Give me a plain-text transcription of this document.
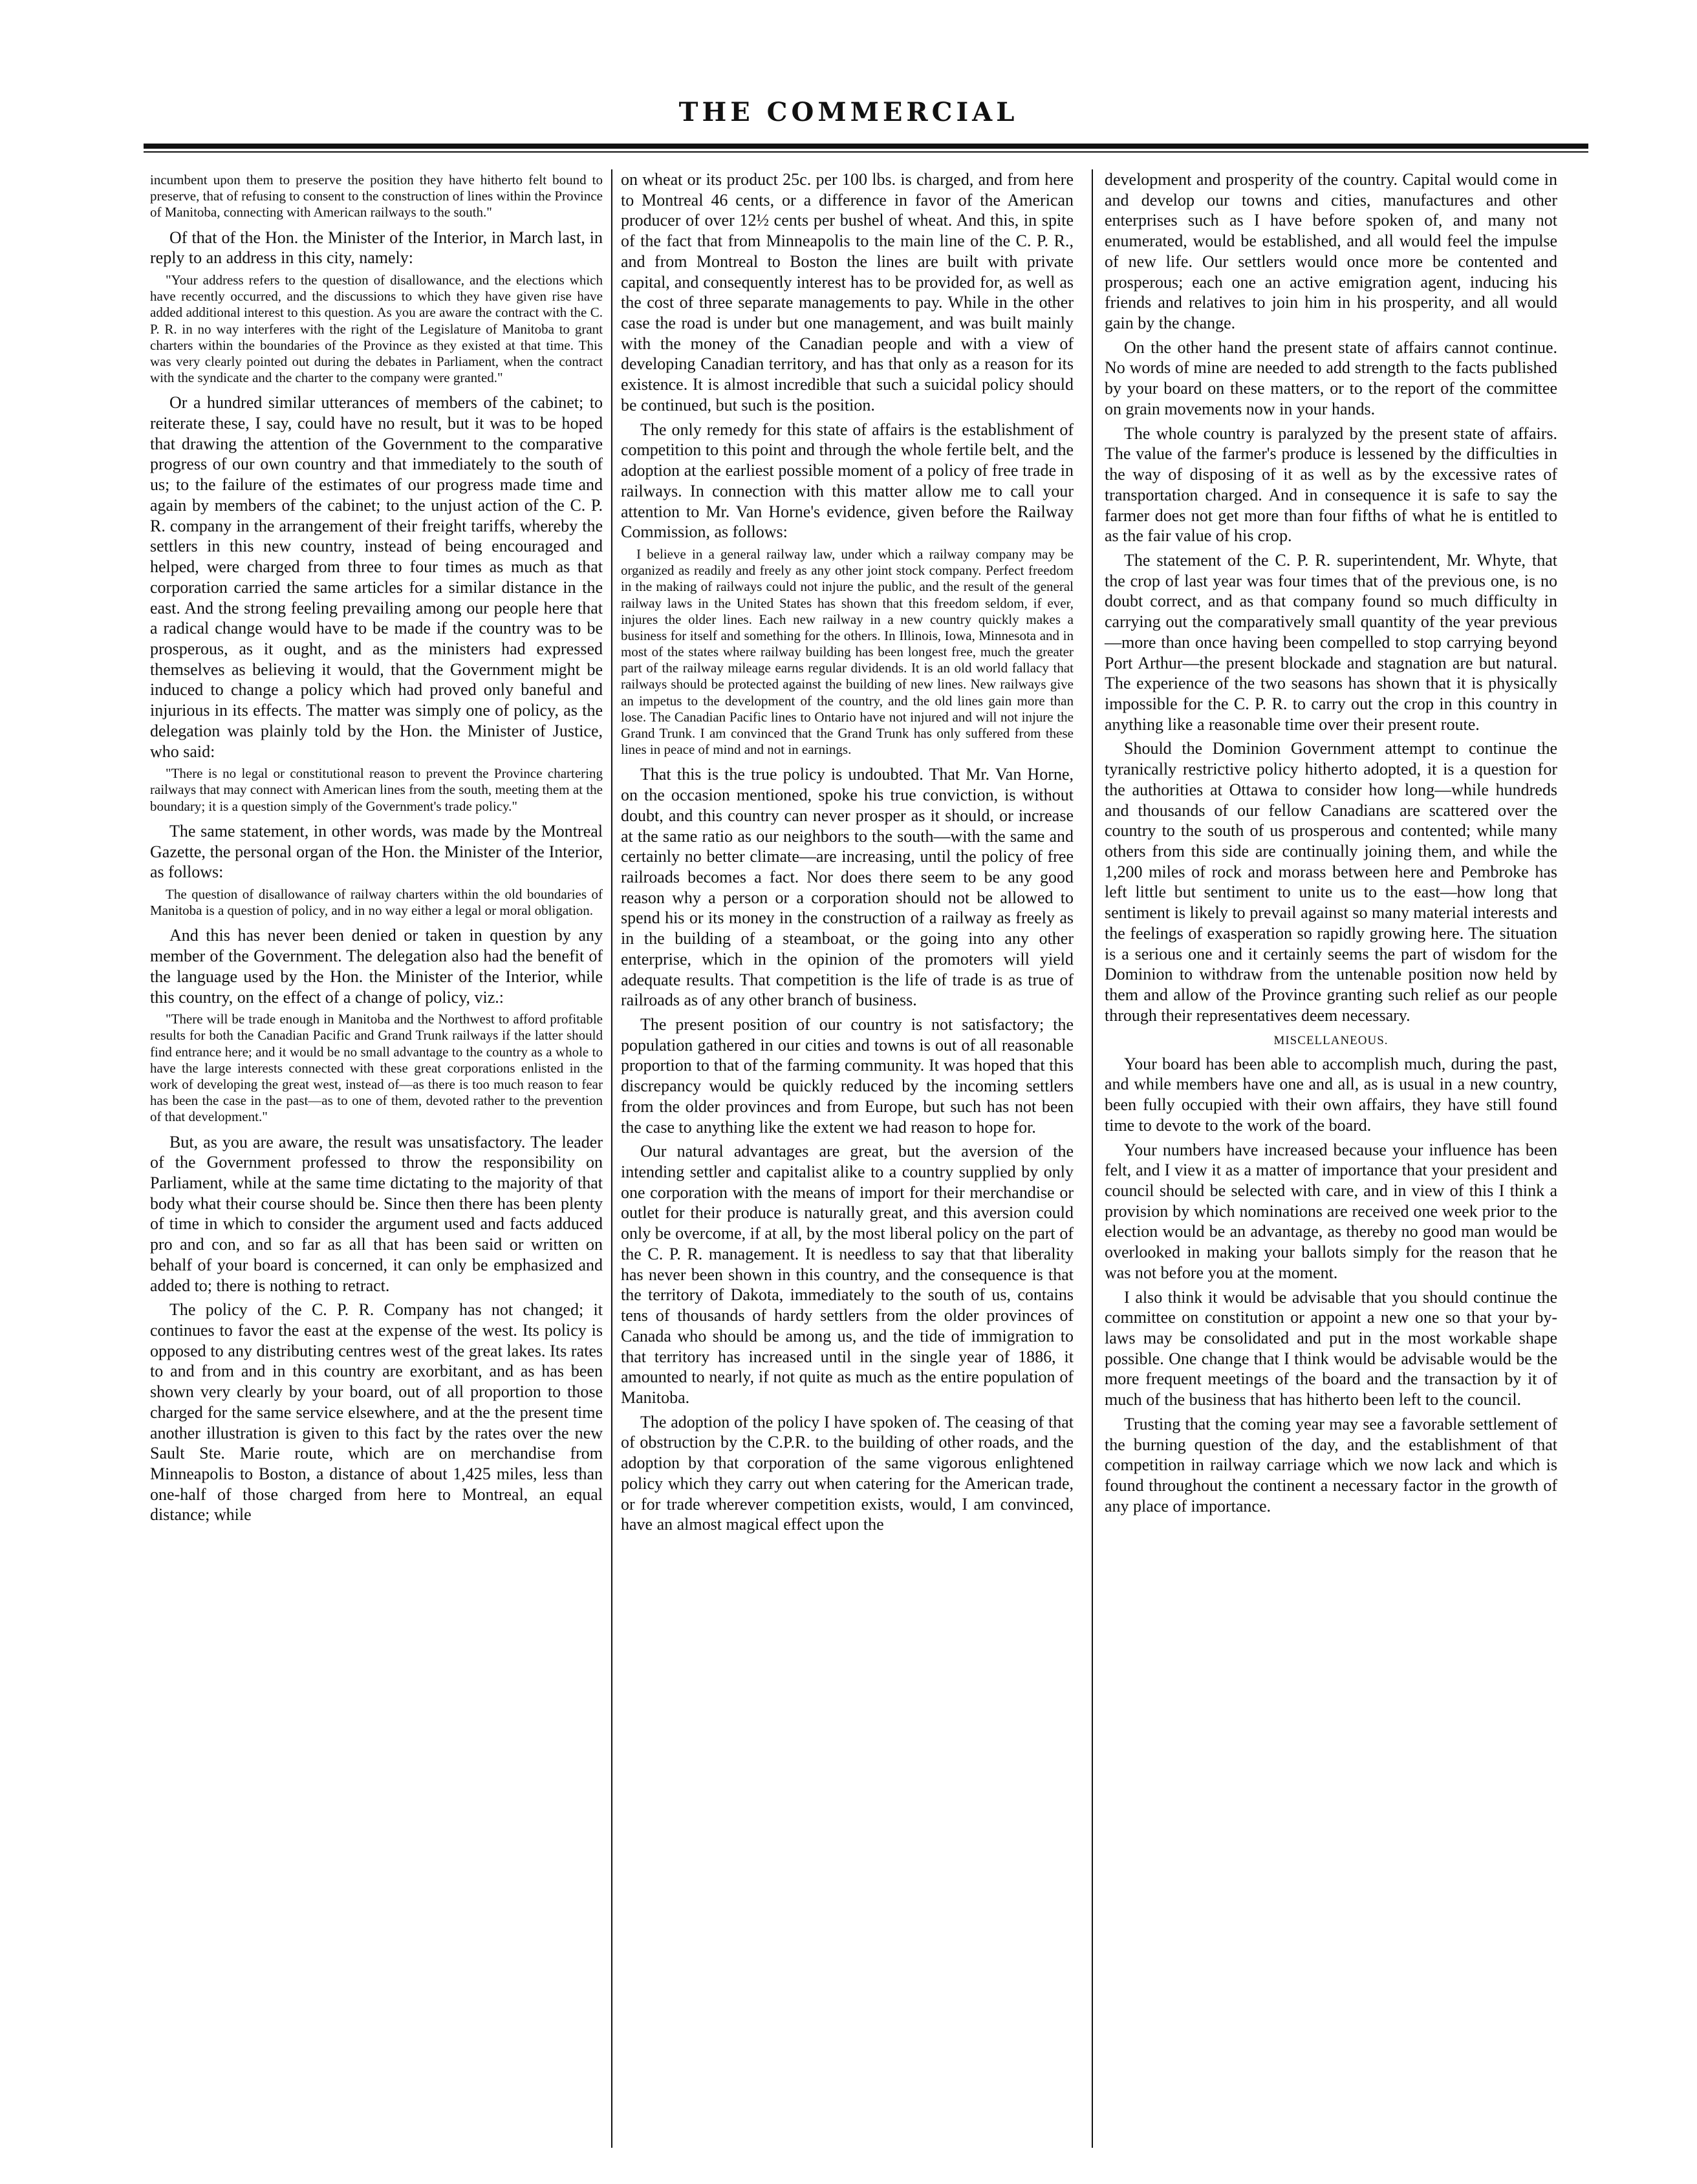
THE COMMERCIAL

incumbent upon them to preserve the position they have hitherto felt bound to preserve, that of refusing to consent to the construction of lines within the Province of Manitoba, connecting with American railways to the south."

Of that of the Hon. the Minister of the Interior, in March last, in reply to an address in this city, namely:

"Your address refers to the question of disallowance, and the elections which have recently occurred, and the discussions to which they have given rise have added additional interest to this question. As you are aware the contract with the C. P. R. in no way interferes with the right of the Legislature of Manitoba to grant charters within the boundaries of the Province as they existed at that time. This was very clearly pointed out during the debates in Parliament, when the contract with the syndicate and the charter to the company were granted."

Or a hundred similar utterances of members of the cabinet; to reiterate these, I say, could have no result, but it was to be hoped that drawing the attention of the Government to the comparative progress of our own country and that immediately to the south of us; to the failure of the estimates of our progress made time and again by members of the cabinet; to the unjust action of the C. P. R. company in the arrangement of their freight tariffs, whereby the settlers in this new country, instead of being encouraged and helped, were charged from three to four times as much as that corporation carried the same articles for a similar distance in the east. And the strong feeling prevailing among our people here that a radical change would have to be made if the country was to be prosperous, as it ought, and as the ministers had expressed themselves as believing it would, that the Government might be induced to change a policy which had proved only baneful and injurious in its effects. The matter was simply one of policy, as the delegation was plainly told by the Hon. the Minister of Justice, who said:

"There is no legal or constitutional reason to prevent the Province chartering railways that may connect with American lines from the south, meeting them at the boundary; it is a question simply of the Government's trade policy."

The same statement, in other words, was made by the Montreal Gazette, the personal organ of the Hon. the Minister of the Interior, as follows:

The question of disallowance of railway charters within the old boundaries of Manitoba is a question of policy, and in no way either a legal or moral obligation.

And this has never been denied or taken in question by any member of the Government. The delegation also had the benefit of the language used by the Hon. the Minister of the Interior, while this country, on the effect of a change of policy, viz.:

"There will be trade enough in Manitoba and the Northwest to afford profitable results for both the Canadian Pacific and Grand Trunk railways if the latter should find entrance here; and it would be no small advantage to the country as a whole to have the large interests connected with these great corporations enlisted in the work of developing the great west, instead of—as there is too much reason to fear has been the case in the past—as to one of them, devoted rather to the prevention of that development."

But, as you are aware, the result was unsatisfactory. The leader of the Government professed to throw the responsibility on Parliament, while at the same time dictating to the majority of that body what their course should be. Since then there has been plenty of time in which to consider the argument used and facts adduced pro and con, and so far as all that has been said or written on behalf of your board is concerned, it can only be emphasized and added to; there is nothing to retract.

The policy of the C. P. R. Company has not changed; it continues to favor the east at the expense of the west. Its policy is opposed to any distributing centres west of the great lakes. Its rates to and from and in this country are exorbitant, and as has been shown very clearly by your board, out of all proportion to those charged for the same service elsewhere, and at the the present time another illustration is given to this fact by the rates over the new Sault Ste. Marie route, which are on merchandise from Minneapolis to Boston, a distance of about 1,425 miles, less than one-half of those charged from here to Montreal, an equal distance; while

on wheat or its product 25c. per 100 lbs. is charged, and from here to Montreal 46 cents, or a difference in favor of the American producer of over 12½ cents per bushel of wheat. And this, in spite of the fact that from Minneapolis to the main line of the C. P. R., and from Montreal to Boston the lines are built with private capital, and consequently interest has to be provided for, as well as the cost of three separate managements to pay. While in the other case the road is under but one management, and was built mainly with the money of the Canadian people and with a view of developing Canadian territory, and has that only as a reason for its existence. It is almost incredible that such a suicidal policy should be continued, but such is the position.

The only remedy for this state of affairs is the establishment of competition to this point and through the whole fertile belt, and the adoption at the earliest possible moment of a policy of free trade in railways. In connection with this matter allow me to call your attention to Mr. Van Horne's evidence, given before the Railway Commission, as follows:

I believe in a general railway law, under which a railway company may be organized as readily and freely as any other joint stock company. Perfect freedom in the making of railways could not injure the public, and the result of the general railway laws in the United States has shown that this freedom seldom, if ever, injures the older lines. Each new railway in a new country quickly makes a business for itself and something for the others. In Illinois, Iowa, Minnesota and in most of the states where railway building has been longest free, much the greater part of the railway mileage earns regular dividends. It is an old world fallacy that railways should be protected against the building of new lines. New railways give an impetus to the development of the country, and the old lines gain more than lose. The Canadian Pacific lines to Ontario have not injured and will not injure the Grand Trunk. I am convinced that the Grand Trunk has only suffered from these lines in peace of mind and not in earnings.

That this is the true policy is undoubted. That Mr. Van Horne, on the occasion mentioned, spoke his true conviction, is without doubt, and this country can never prosper as it should, or increase at the same ratio as our neighbors to the south—with the same and certainly no better climate—are increasing, until the policy of free railroads becomes a fact. Nor does there seem to be any good reason why a person or a corporation should not be allowed to spend his or its money in the construction of a railway as freely as in the building of a steamboat, or the going into any other enterprise, which in the opinion of the promoters will yield adequate results. That competition is the life of trade is as true of railroads as of any other branch of business.

The present position of our country is not satisfactory; the population gathered in our cities and towns is out of all reasonable proportion to that of the farming community. It was hoped that this discrepancy would be quickly reduced by the incoming settlers from the older provinces and from Europe, but such has not been the case to anything like the extent we had reason to hope for.

Our natural advantages are great, but the aversion of the intending settler and capitalist alike to a country supplied by only one corporation with the means of import for their merchandise or outlet for their produce is naturally great, and this aversion could only be overcome, if at all, by the most liberal policy on the part of the C. P. R. management. It is needless to say that that liberality has never been shown in this country, and the consequence is that the territory of Dakota, immediately to the south of us, contains tens of thousands of hardy settlers from the older provinces of Canada who should be among us, and the tide of immigration to that territory has increased until in the single year of 1886, it amounted to nearly, if not quite as much as the entire population of Manitoba.

The adoption of the policy I have spoken of. The ceasing of that of obstruction by the C.P.R. to the building of other roads, and the adoption by that corporation of the same vigorous enlightened policy which they carry out when catering for the American trade, or for trade wherever competition exists, would, I am convinced, have an almost magical effect upon the

development and prosperity of the country. Capital would come in and develop our towns and cities, manufactures and other enterprises such as I have before spoken of, and many not enumerated, would be established, and all would feel the impulse of new life. Our settlers would once more be contented and prosperous; each one an active emigration agent, inducing his friends and relatives to join him in his prosperity, and all would gain by the change.

On the other hand the present state of affairs cannot continue. No words of mine are needed to add strength to the facts published by your board on these matters, or to the report of the committee on grain movements now in your hands.

The whole country is paralyzed by the present state of affairs. The value of the farmer's produce is lessened by the difficulties in the way of disposing of it as well as by the excessive rates of transportation charged. And in consequence it is safe to say the farmer does not get more than four fifths of what he is entitled to as the fair value of his crop.

The statement of the C. P. R. superintendent, Mr. Whyte, that the crop of last year was four times that of the previous one, is no doubt correct, and as that company found so much difficulty in carrying out the comparatively small quantity of the year previous—more than once having been compelled to stop carrying beyond Port Arthur—the present blockade and stagnation are but natural. The experience of the two seasons has shown that it is physically impossible for the C. P. R. to carry out the crop in this country in anything like a reasonable time over their present route.

Should the Dominion Government attempt to continue the tyranically restrictive policy hitherto adopted, it is a question for the authorities at Ottawa to consider how long—while hundreds and thousands of our fellow Canadians are scattered over the country to the south of us prosperous and contented; while many others from this side are continually joining them, and while the 1,200 miles of rock and morass between here and Pembroke has left little but sentiment to unite us to the east—how long that sentiment is likely to prevail against so many material interests and the feelings of exasperation so rapidly growing here. The situation is a serious one and it certainly seems the part of wisdom for the Dominion to withdraw from the untenable position now held by them and allow of the Province granting such relief as our people through their representatives deem necessary.

MISCELLANEOUS.

Your board has been able to accomplish much, during the past, and while members have one and all, as is usual in a new country, been fully occupied with their own affairs, they have still found time to devote to the work of the board.

Your numbers have increased because your influence has been felt, and I view it as a matter of importance that your president and council should be selected with care, and in view of this I think a provision by which nominations are received one week prior to the election would be an advantage, as thereby no good man would be overlooked in making your ballots simply for the reason that he was not before you at the moment.

I also think it would be advisable that you should continue the committee on constitution or appoint a new one so that your by-laws may be consolidated and put in the most workable shape possible. One change that I think would be advisable would be the more frequent meetings of the board and the transaction by it of much of the business that has hitherto been left to the council.

Trusting that the coming year may see a favorable settlement of the burning question of the day, and the establishment of that competition in railway carriage which we now lack and which is found throughout the continent a necessary factor in the growth of any place of importance.
